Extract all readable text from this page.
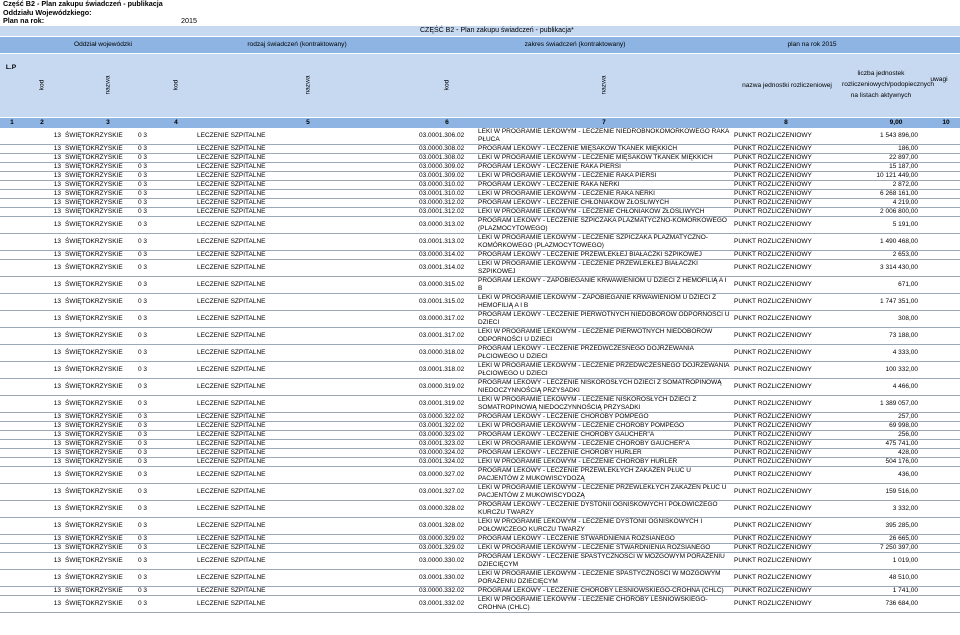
Część B2 - Plan zakupu świadczeń - publikacja
Oddziału Wojewódzkiego:
Plan na rok:	2015
CZĘŚĆ B2 - Plan zakupu świadczeń - publikacja*
Oddział wojewódzki	rodzaj świadczeń (kontraktowany)	zakres świadczeń (kontraktowany)	plan na rok 2015
L.P
kod	nazwa	kod	nazwa	kod	nazwa	nazwa jednostki rozliczeniowej
liczba jednostek rozliczeniowych/podopiecznych na listach aktywnych
uwagi
1	2	3	4	5	6	7	8	9,00	10
13	ŚWIĘTOKRZYSKIE	0 3	LECZENIE SZPITALNE	03.0001.306.02	LEKI W PROGRAMIE LEKOWYM - LECZENIE NIEDROBNOKOMÓRKOWEGO RAKA PŁUCA	PUNKT ROZLICZENIOWY	1 543 896,00	
13	ŚWIĘTOKRZYSKIE	0 3	LECZENIE SZPITALNE	03.0000.308.02	PROGRAM LEKOWY - LECZENIE MIĘSAKÓW TKANEK MIĘKKICH	PUNKT ROZLICZENIOWY	186,00	
13	ŚWIĘTOKRZYSKIE	0 3	LECZENIE SZPITALNE	03.0001.308.02	LEKI W PROGRAMIE LEKOWYM - LECZENIE MIĘSAKÓW TKANEK MIĘKKICH	PUNKT ROZLICZENIOWY	22 897,00	
13	ŚWIĘTOKRZYSKIE	0 3	LECZENIE SZPITALNE	03.0000.309.02	PROGRAM LEKOWY - LECZENIE RAKA PIERSI	PUNKT ROZLICZENIOWY	15 187,00	
13	ŚWIĘTOKRZYSKIE	0 3	LECZENIE SZPITALNE	03.0001.309.02	LEKI W PROGRAMIE LEKOWYM - LECZENIE RAKA PIERSI	PUNKT ROZLICZENIOWY	10 121 449,00	
13	ŚWIĘTOKRZYSKIE	0 3	LECZENIE SZPITALNE	03.0000.310.02	PROGRAM LEKOWY - LECZENIE RAKA NERKI	PUNKT ROZLICZENIOWY	2 872,00	
13	ŚWIĘTOKRZYSKIE	0 3	LECZENIE SZPITALNE	03.0001.310.02	LEKI W PROGRAMIE LEKOWYM - LECZENIE RAKA NERKI	PUNKT ROZLICZENIOWY	6 268 161,00	
13	ŚWIĘTOKRZYSKIE	0 3	LECZENIE SZPITALNE	03.0000.312.02	PROGRAM LEKOWY - LECZENIE CHŁONIAKÓW ZŁOŚLIWYCH	PUNKT ROZLICZENIOWY	4 219,00	
13	ŚWIĘTOKRZYSKIE	0 3	LECZENIE SZPITALNE	03.0001.312.02	LEKI W PROGRAMIE LEKOWYM - LECZENIE CHŁONIAKÓW ZŁOŚLIWYCH	PUNKT ROZLICZENIOWY	2 006 800,00	
13	ŚWIĘTOKRZYSKIE	0 3	LECZENIE SZPITALNE	03.0000.313.02	PROGRAM LEKOWY - LECZENIE SZPICZAKA PLAZMATYCZNO-KOMÓRKOWEGO (PLAZMOCYTOWEGO)	PUNKT ROZLICZENIOWY	5 191,00	
13	ŚWIĘTOKRZYSKIE	0 3	LECZENIE SZPITALNE	03.0001.313.02	LEKI W PROGRAMIE LEKOWYM - LECZENIE SZPICZAKA PLAZMATYCZNO-KOMÓRKOWEGO (PLAZMOCYTOWEGO)	PUNKT ROZLICZENIOWY	1 490 468,00	
13	ŚWIĘTOKRZYSKIE	0 3	LECZENIE SZPITALNE	03.0000.314.02	PROGRAM LEKOWY - LECZENIE PRZEWLEKŁEJ BIAŁACZKI SZPIKOWEJ	PUNKT ROZLICZENIOWY	2 653,00	
13	ŚWIĘTOKRZYSKIE	0 3	LECZENIE SZPITALNE	03.0001.314.02	LEKI W PROGRAMIE LEKOWYM - LECZENIE PRZEWLEKŁEJ BIAŁACZKI SZPIKOWEJ	PUNKT ROZLICZENIOWY	3 314 430,00	
13	ŚWIĘTOKRZYSKIE	0 3	LECZENIE SZPITALNE	03.0000.315.02	PROGRAM LEKOWY - ZAPOBIEGANIE KRWAWIENIOM U DZIECI Z HEMOFILIĄ A I B	PUNKT ROZLICZENIOWY	671,00	
13	ŚWIĘTOKRZYSKIE	0 3	LECZENIE SZPITALNE	03.0001.315.02	LEKI W PROGRAMIE LEKOWYM - ZAPOBIEGANIE KRWAWIENIOM U DZIECI Z HEMOFILIĄ A I B	PUNKT ROZLICZENIOWY	1 747 351,00	
13	ŚWIĘTOKRZYSKIE	0 3	LECZENIE SZPITALNE	03.0000.317.02	PROGRAM LEKOWY - LECZENIE PIERWOTNYCH NIEDOBORÓW ODPORNOŚCI U DZIECI	PUNKT ROZLICZENIOWY	308,00	
13	ŚWIĘTOKRZYSKIE	0 3	LECZENIE SZPITALNE	03.0001.317.02	LEKI W PROGRAMIE LEKOWYM - LECZENIE PIERWOTNYCH NIEDOBORÓW ODPORNOŚCI U DZIECI	PUNKT ROZLICZENIOWY	73 188,00	
13	ŚWIĘTOKRZYSKIE	0 3	LECZENIE SZPITALNE	03.0000.318.02	PROGRAM LEKOWY - LECZENIE PRZEDWCZESNEGO DOJRZEWANIA PŁCIOWEGO U DZIECI	PUNKT ROZLICZENIOWY	4 333,00	
13	ŚWIĘTOKRZYSKIE	0 3	LECZENIE SZPITALNE	03.0001.318.02	LEKI W PROGRAMIE LEKOWYM - LECZENIE PRZEDWCZESNEGO DOJRZEWANIA PŁCIOWEGO U DZIECI	PUNKT ROZLICZENIOWY	100 332,00	
13	ŚWIĘTOKRZYSKIE	0 3	LECZENIE SZPITALNE	03.0000.319.02	PROGRAM LEKOWY - LECZENIE NISKOROSŁYCH DZIECI Z SOMATROPINOWĄ NIEDOCZYNNOŚCIĄ PRZYSADKI	PUNKT ROZLICZENIOWY	4 466,00	
13	ŚWIĘTOKRZYSKIE	0 3	LECZENIE SZPITALNE	03.0001.319.02	LEKI W PROGRAMIE LEKOWYM - LECZENIE NISKOROSŁYCH DZIECI Z SOMATROPINOWĄ NIEDOCZYNNOŚCIĄ PRZYSADKI	PUNKT ROZLICZENIOWY	1 389 057,00	
13	ŚWIĘTOKRZYSKIE	0 3	LECZENIE SZPITALNE	03.0000.322.02	PROGRAM LEKOWY - LECZENIE CHOROBY POMPEGO	PUNKT ROZLICZENIOWY	257,00	
13	ŚWIĘTOKRZYSKIE	0 3	LECZENIE SZPITALNE	03.0001.322.02	LEKI W PROGRAMIE LEKOWYM - LECZENIE CHOROBY POMPEGO	PUNKT ROZLICZENIOWY	69 998,00	
13	ŚWIĘTOKRZYSKIE	0 3	LECZENIE SZPITALNE	03.0000.323.02	PROGRAM LEKOWY - LECZENIE CHOROBY GAUCHER"A	PUNKT ROZLICZENIOWY	256,00	
13	ŚWIĘTOKRZYSKIE	0 3	LECZENIE SZPITALNE	03.0001.323.02	LEKI W PROGRAMIE LEKOWYM - LECZENIE CHOROBY GAUCHER"A	PUNKT ROZLICZENIOWY	475 741,00	
13	ŚWIĘTOKRZYSKIE	0 3	LECZENIE SZPITALNE	03.0000.324.02	PROGRAM LEKOWY - LECZENIE CHOROBY HURLER	PUNKT ROZLICZENIOWY	428,00	
13	ŚWIĘTOKRZYSKIE	0 3	LECZENIE SZPITALNE	03.0001.324.02	LEKI W PROGRAMIE LEKOWYM - LECZENIE CHOROBY HURLER	PUNKT ROZLICZENIOWY	504 176,00	
13	ŚWIĘTOKRZYSKIE	0 3	LECZENIE SZPITALNE	03.0000.327.02	PROGRAM LEKOWY - LECZENIE PRZEWLEKŁYCH ZAKAŻEŃ PŁUC U PACJENTÓW Z MUKOWISCYDOZĄ	PUNKT ROZLICZENIOWY	436,00	
13	ŚWIĘTOKRZYSKIE	0 3	LECZENIE SZPITALNE	03.0001.327.02	LEKI W PROGRAMIE LEKOWYM - LECZENIE PRZEWLEKŁYCH ZAKAŻEŃ PŁUC U PACJENTÓW Z MUKOWISCYDOZĄ	PUNKT ROZLICZENIOWY	159 516,00	
13	ŚWIĘTOKRZYSKIE	0 3	LECZENIE SZPITALNE	03.0000.328.02	PROGRAM LEKOWY - LECZENIE DYSTONII OGNISKOWYCH I POŁOWICZEGO KURCZU TWARZY	PUNKT ROZLICZENIOWY	3 332,00	
13	ŚWIĘTOKRZYSKIE	0 3	LECZENIE SZPITALNE	03.0001.328.02	LEKI W PROGRAMIE LEKOWYM - LECZENIE DYSTONII OGNISKOWYCH I POŁOWICZEGO KURCZU TWARZY	PUNKT ROZLICZENIOWY	395 285,00	
13	ŚWIĘTOKRZYSKIE	0 3	LECZENIE SZPITALNE	03.0000.329.02	PROGRAM LEKOWY - LECZENIE STWARDNIENIA ROZSIANEGO	PUNKT ROZLICZENIOWY	26 665,00	
13	ŚWIĘTOKRZYSKIE	0 3	LECZENIE SZPITALNE	03.0001.329.02	LEKI W PROGRAMIE LEKOWYM - LECZENIE STWARDNIENIA ROZSIANEGO	PUNKT ROZLICZENIOWY	7 250 397,00	
13	ŚWIĘTOKRZYSKIE	0 3	LECZENIE SZPITALNE	03.0000.330.02	PROGRAM LEKOWY - LECZENIE SPASTYCZNOŚCI W MÓZGOWYM PORAŻENIU DZIECIĘCYM	PUNKT ROZLICZENIOWY	1 019,00	
13	ŚWIĘTOKRZYSKIE	0 3	LECZENIE SZPITALNE	03.0001.330.02	LEKI W PROGRAMIE LEKOWYM - LECZENIE SPASTYCZNOŚCI W MÓZGOWYM PORAŻENIU DZIECIĘCYM	PUNKT ROZLICZENIOWY	48 510,00	
13	ŚWIĘTOKRZYSKIE	0 3	LECZENIE SZPITALNE	03.0000.332.02	PROGRAM LEKOWY - LECZENIE CHOROBY LEŚNIOWSKIEGO-CROHNA (CHLC)	PUNKT ROZLICZENIOWY	1 741,00	
13	ŚWIĘTOKRZYSKIE	0 3	LECZENIE SZPITALNE	03.0001.332.02	LEKI W PROGRAMIE LEKOWYM - LECZENIE CHOROBY LEŚNIOWSKIEGO-CROHNA (CHLC)	PUNKT ROZLICZENIOWY	736 684,00	
